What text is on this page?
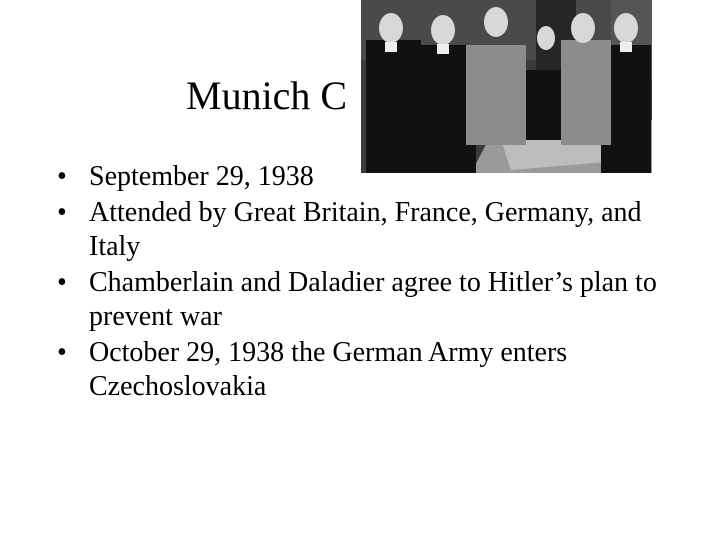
Munich C
• September 29, 1938
• Attended by Great Britain, France, Germany, and Italy
• Chamberlain and Daladier agree to Hitler’s plan to prevent war
• October 29, 1938 the German Army enters Czechoslovakia
